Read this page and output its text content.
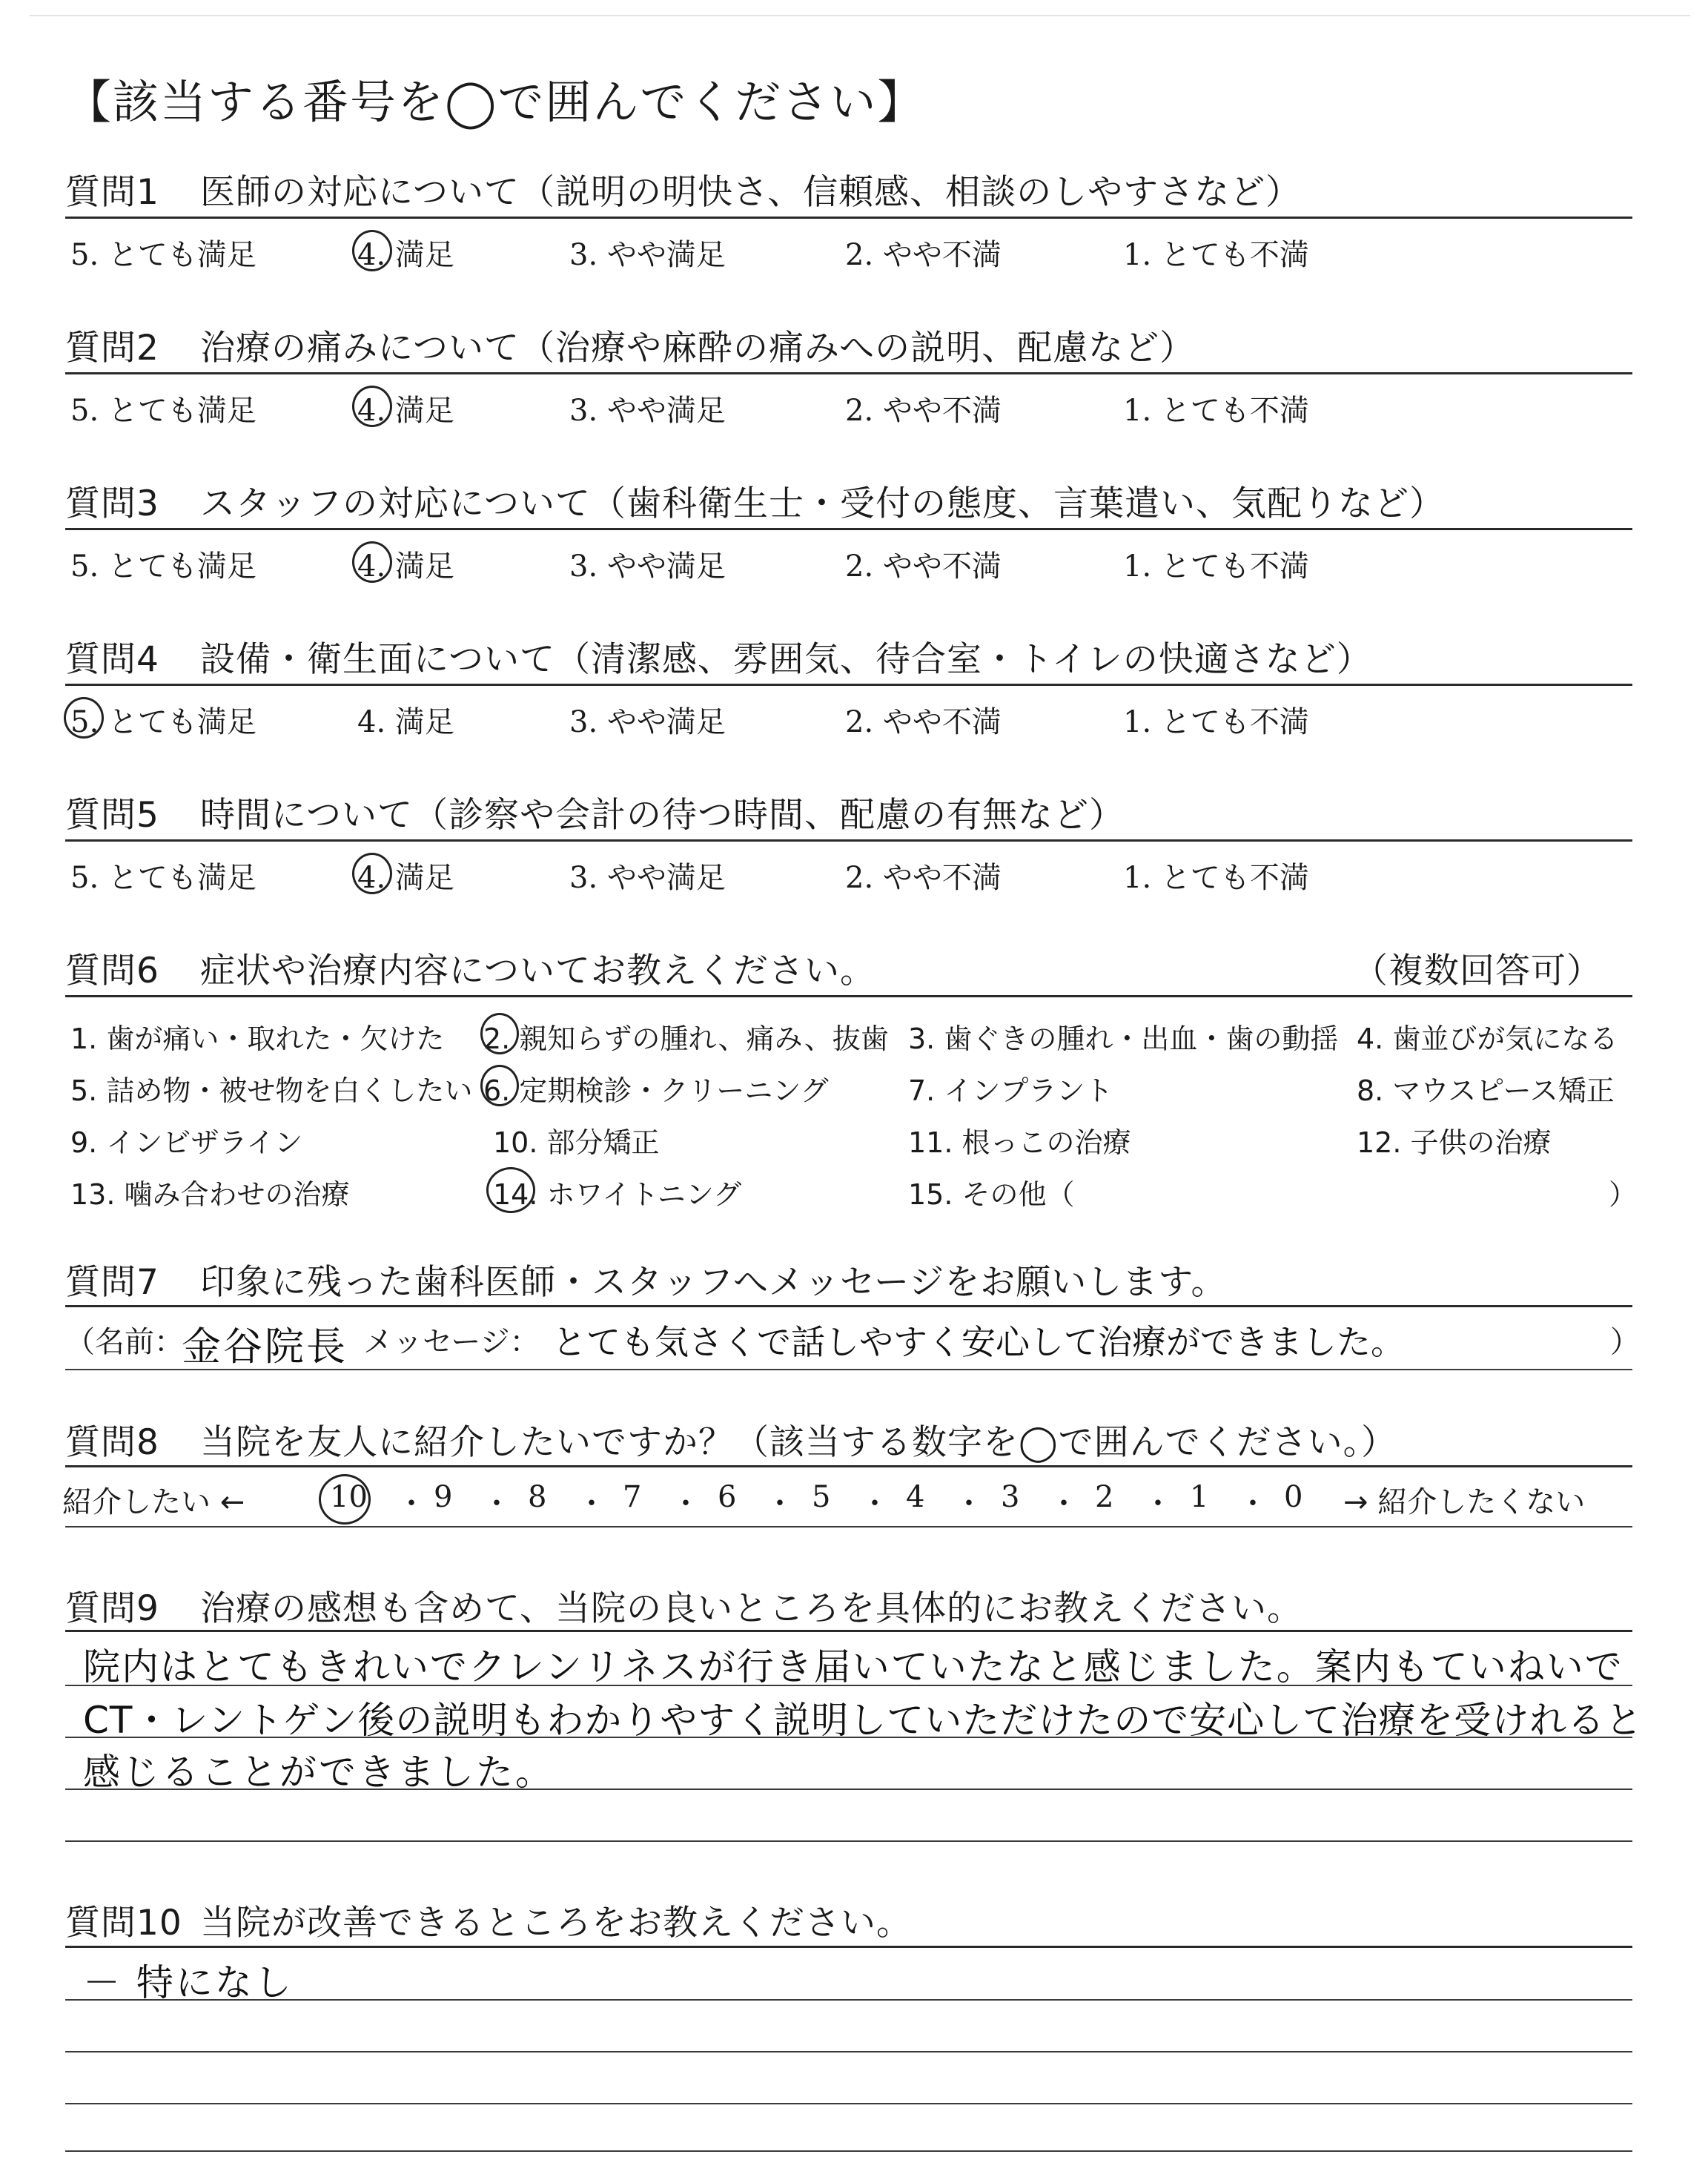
【該当する番号を◯で囲んでください】
質問1 医師の対応について（説明の明快さ、信頼感、相談のしやすさなど）
5. とても満足	4. 満足	3. やや満足	2. やや不満	1. とても不満
質問2 治療の痛みについて（治療や麻酔の痛みへの説明、配慮など）
5. とても満足	4. 満足	3. やや満足	2. やや不満	1. とても不満
質問3 スタッフの対応について（歯科衛生士・受付の態度、言葉遣い、気配りなど）
5. とても満足	4. 満足	3. やや満足	2. やや不満	1. とても不満
質問4 設備・衛生面について（清潔感、雰囲気、待合室・トイレの快適さなど）
5. とても満足	4. 満足	3. やや満足	2. やや不満	1. とても不満
質問5 時間について（診察や会計の待つ時間、配慮の有無など）
5. とても満足	4. 満足	3. やや満足	2. やや不満	1. とても不満
質問6 症状や治療内容についてお教えください。	（複数回答可）
1. 歯が痛い・取れた・欠けた 2. 親知らずの腫れ、痛み、抜歯 3. 歯ぐきの腫れ・出血・歯の動揺 4. 歯並びが気になる
5. 詰め物・被せ物を白くしたい 6. 定期検診・クリーニング	7. インプラント	8. マウスピース矯正
9. インビザライン	10. 部分矯正	11. 根っこの治療	12. 子供の治療
13. 噛み合わせの治療	14. ホワイトニング	15. その他（	）
質問7 印象に残った歯科医師・スタッフへメッセージをお願いします。
（名前：
金谷院長 メッセージ： とても気さくで話しやすく安心して治療ができました。	）
質問8 当院を友人に紹介したいですか？（該当する数字を◯で囲んでください。）
紹介したい ←	→ 紹介したくない
10 ・ 9 ・ 8 ・ 7 ・ 6 ・ 5 ・ 4 ・ 3 ・ 2 ・ 1 ・ 0
質問9 治療の感想も含めて、当院の良いところを具体的にお教えください。
院内はとてもきれいでクレンリネスが行き届いていたなと感じました。案内もていねいで
CT・レントゲン後の説明もわかりやすく説明していただけたので安心して治療を受けれると
感じることができました。
質問10 当院が改善できるところをお教えください。
－ 特になし
